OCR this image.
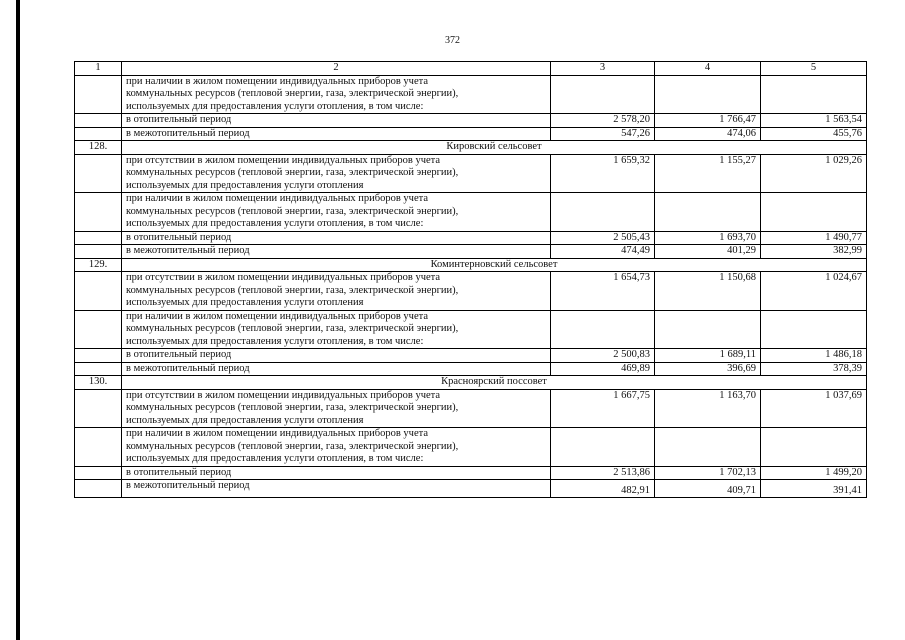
372
1	2	3	4	5

	при наличии в жилом помещении индивидуальных приборов учета
коммунальных ресурсов (тепловой энергии, газа, электрической энергии),
используемых для предоставления услуги отопления, в том числе:			

	в отопительный период	2 578,20	1 766,47	1 563,54
	в межотопительный период	547,26	474,06	455,76
128.	Кировский сельсовет			

	при отсутствии в жилом помещении индивидуальных приборов учета
коммунальных ресурсов (тепловой энергии, газа, электрической энергии),
используемых для предоставления услуги отопления	1 659,32	1 155,27	1 029,26

	при наличии в жилом помещении индивидуальных приборов учета
коммунальных ресурсов (тепловой энергии, газа, электрической энергии),
используемых для предоставления услуги отопления, в том числе:			

	в отопительный период	2 505,43	1 693,70	1 490,77
	в межотопительный период	474,49	401,29	382,99
129.	Коминтерновский сельсовет			

	при отсутствии в жилом помещении индивидуальных приборов учета
коммунальных ресурсов (тепловой энергии, газа, электрической энергии),
используемых для предоставления услуги отопления	1 654,73	1 150,68	1 024,67

	при наличии в жилом помещении индивидуальных приборов учета
коммунальных ресурсов (тепловой энергии, газа, электрической энергии),
используемых для предоставления услуги отопления, в том числе:			

	в отопительный период	2 500,83	1 689,11	1 486,18
	в межотопительный период	469,89	396,69	378,39
130.	Красноярский поссовет			

	при отсутствии в жилом помещении индивидуальных приборов учета
коммунальных ресурсов (тепловой энергии, газа, электрической энергии),
используемых для предоставления услуги отопления	1 667,75	1 163,70	1 037,69

	при наличии в жилом помещении индивидуальных приборов учета
коммунальных ресурсов (тепловой энергии, газа, электрической энергии),
используемых для предоставления услуги отопления, в том числе:			

	в отопительный период	2 513,86	1 702,13	1 499,20
	в межотопительный период	482,91	409,71	391,41
